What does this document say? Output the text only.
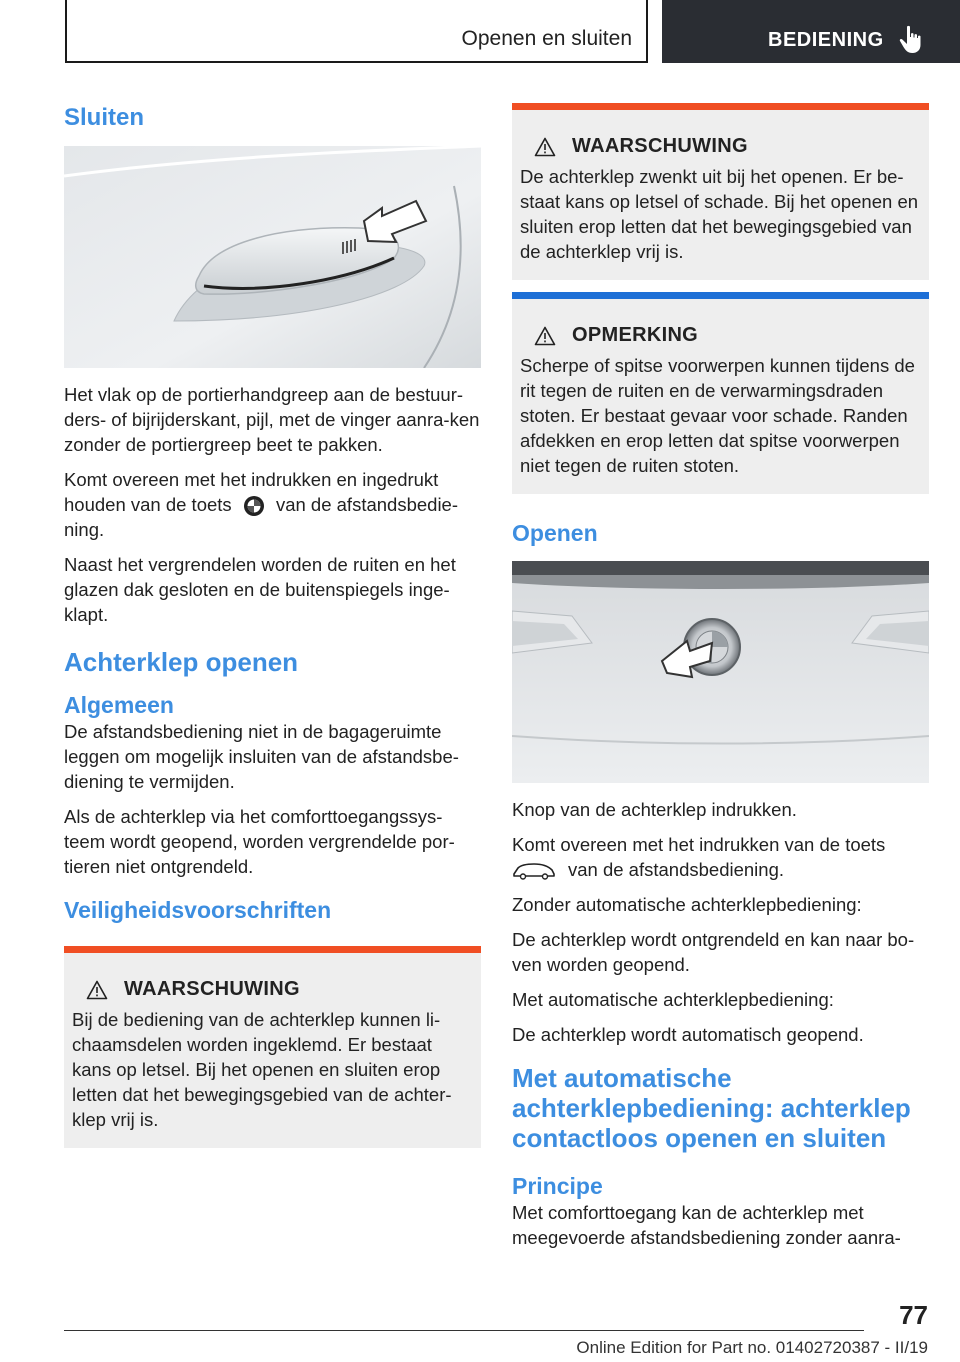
Openen en sluiten	BEDIENING
Sluiten

Het vlak op de portierhandgreep aan de bestuur-ders- of bijrijderskant, pijl, met de vinger aanra-ken zonder de portiergreep beet te pakken.

Komt overeen met het indrukken en ingedrukt houden van de toets van de afstandsbedie-ning.

Naast het vergrendelen worden de ruiten en het glazen dak gesloten en de buitenspiegels inge-klapt.

Achterklep openen
Algemeen

De afstandsbediening niet in de bagageruimte leggen om mogelijk insluiten van de afstandsbe-diening te vermijden.

Als de achterklep via het comforttoegangssys-teem wordt geopend, worden vergrendelde por-tieren niet ontgrendeld.

Veiligheidsvoorschriften
WAARSCHUWING

Bij de bediening van de achterklep kunnen li-chaamsdelen worden ingeklemd. Er bestaat kans op letsel. Bij het openen en sluiten erop letten dat het bewegingsgebied van de achter-klep vrij is.

WAARSCHUWING

De achterklep zwenkt uit bij het openen. Er be-staat kans op letsel of schade. Bij het openen en sluiten erop letten dat het bewegingsgebied van de achterklep vrij is.

OPMERKING

Scherpe of spitse voorwerpen kunnen tijdens de rit tegen de ruiten en de verwarmingsdraden stoten. Er bestaat gevaar voor schade. Randen afdekken en erop letten dat spitse voorwerpen niet tegen de ruiten stoten.

Openen

Knop van de achterklep indrukken.

Komt overeen met het indrukken van de toets
van de afstandsbediening.

Zonder automatische achterklepbediening:

De achterklep wordt ontgrendeld en kan naar bo-ven worden geopend.

Met automatische achterklepbediening:

De achterklep wordt automatisch geopend.

Met automatische achterklepbediening: achterklep contactloos openen en sluiten
Principe

Met comforttoegang kan de achterklep met meegevoerde afstandsbediening zonder aanra-

77
Online Edition for Part no. 01402720387 - II/19
